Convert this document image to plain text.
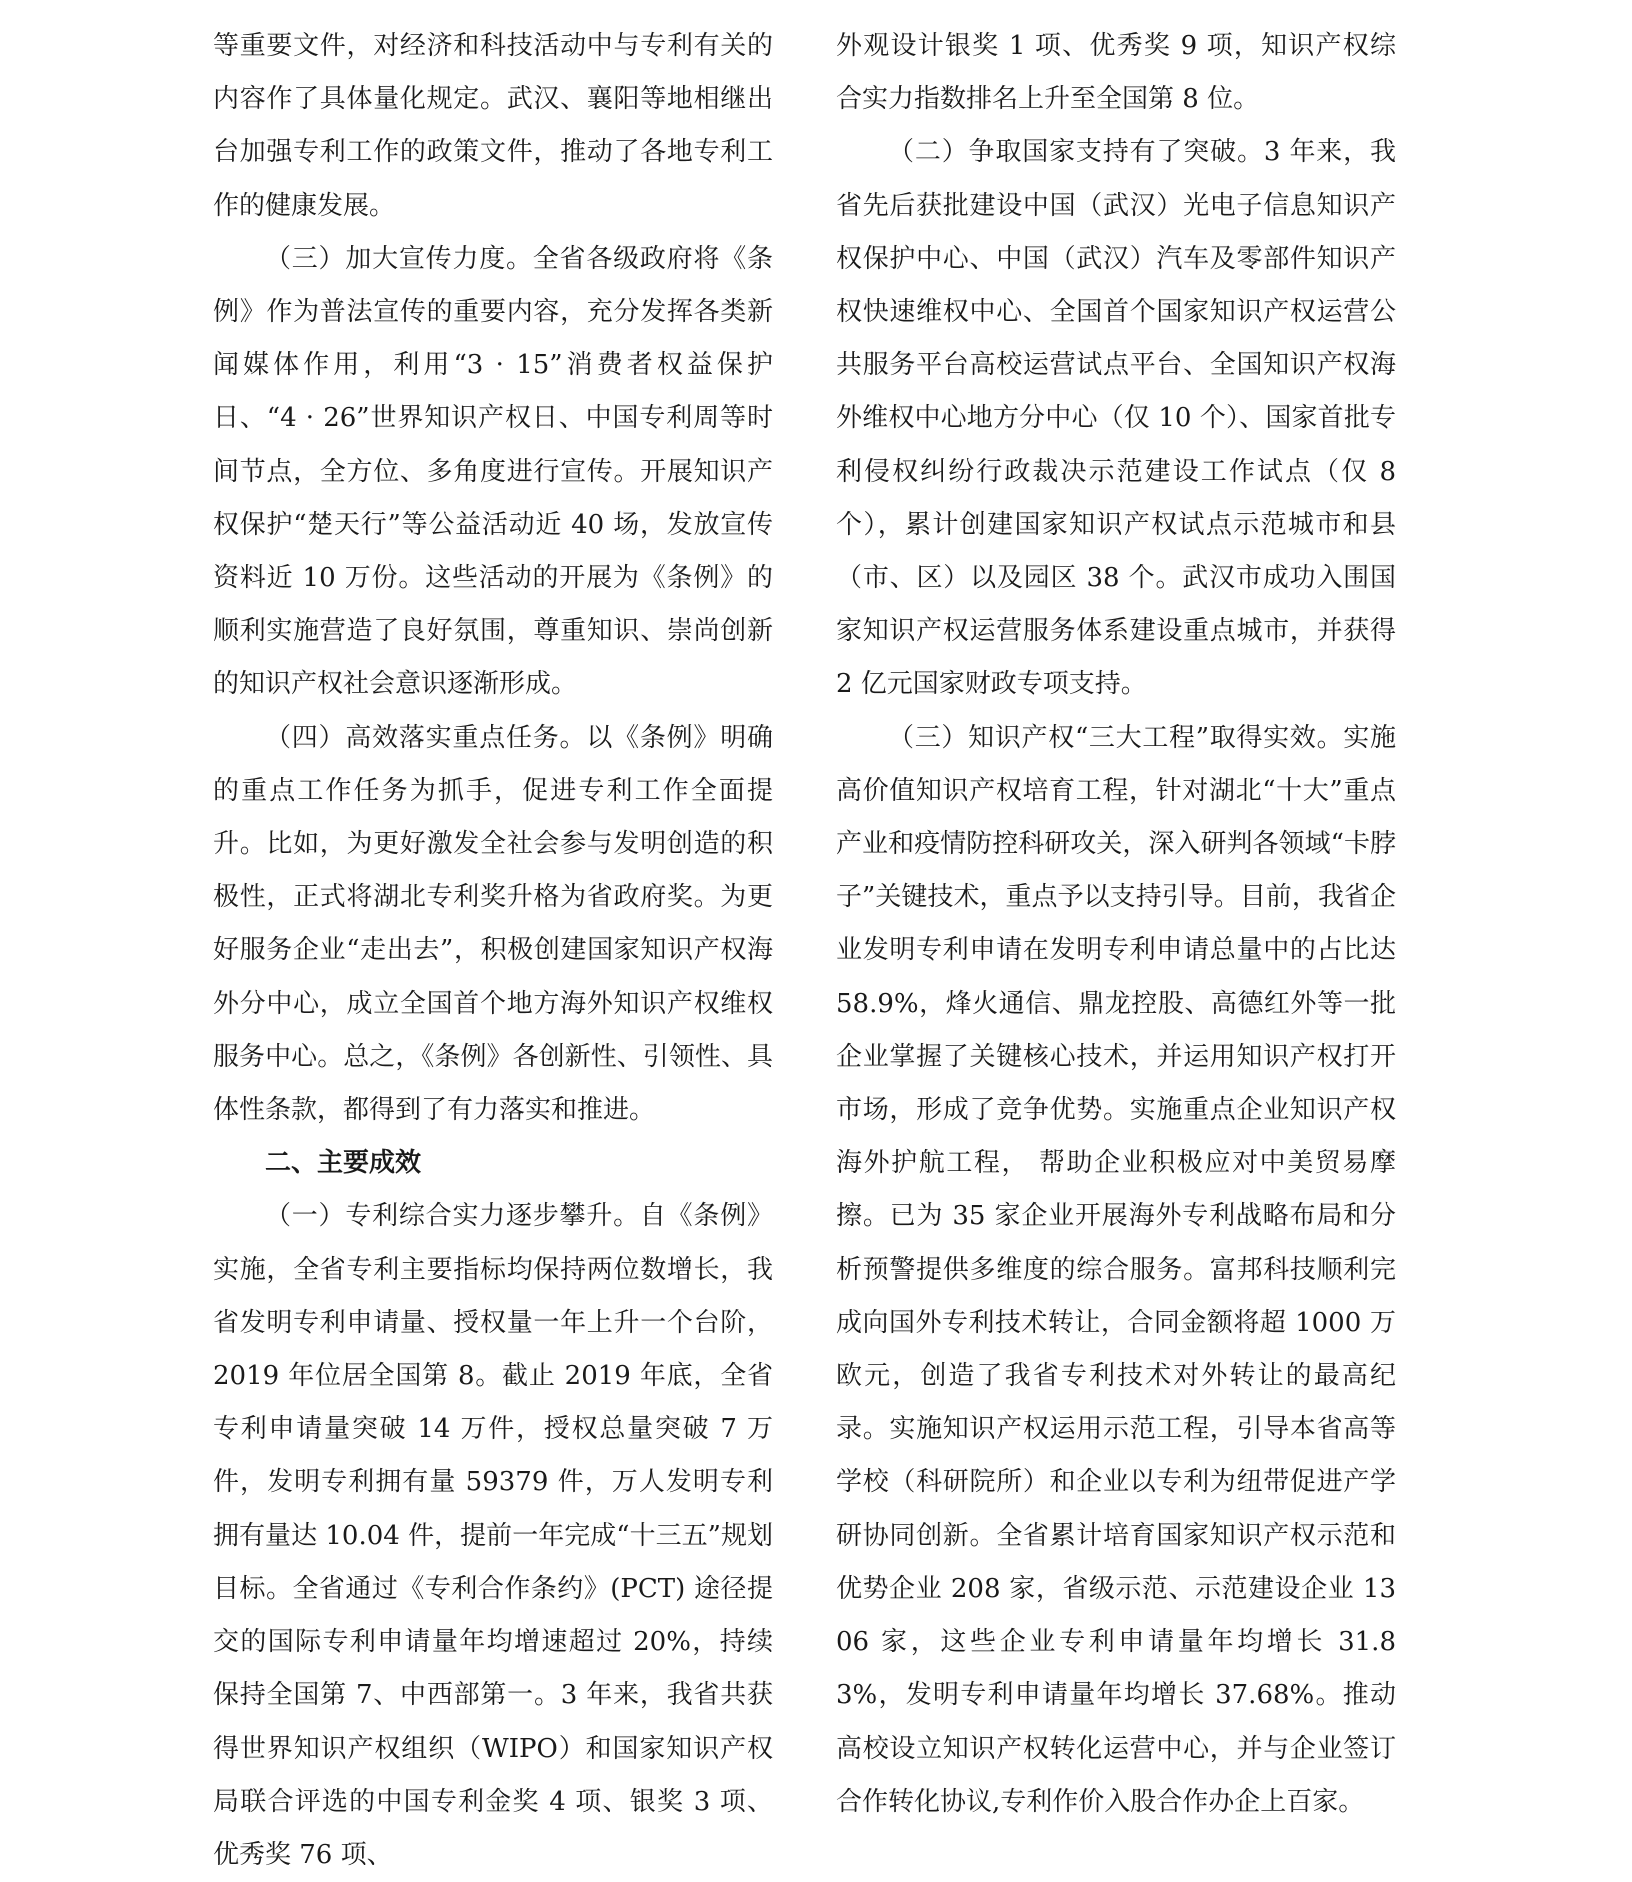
等重要文件，对经济和科技活动中与专利有关的内容作了具体量化规定。武汉、襄阳等地相继出台加强专利工作的政策文件，推动了各地专利工作的健康发展。

（三）加大宣传力度。全省各级政府将《条例》作为普法宣传的重要内容，充分发挥各类新闻媒体作用，利用“3 · 15”消费者权益保护日、“4 · 26”世界知识产权日、中国专利周等时间节点，全方位、多角度进行宣传。开展知识产权保护“楚天行”等公益活动近 40 场，发放宣传资料近 10 万份。这些活动的开展为《条例》的顺利实施营造了良好氛围，尊重知识、崇尚创新的知识产权社会意识逐渐形成。

（四）高效落实重点任务。以《条例》明确的重点工作任务为抓手，促进专利工作全面提升。比如，为更好激发全社会参与发明创造的积极性，正式将湖北专利奖升格为省政府奖。为更好服务企业“走出去”，积极创建国家知识产权海外分中心，成立全国首个地方海外知识产权维权服务中心。总之，《条例》各创新性、引领性、具体性条款，都得到了有力落实和推进。

二、主要成效

（一）专利综合实力逐步攀升。自《条例》实施，全省专利主要指标均保持两位数增长，我省发明专利申请量、授权量一年上升一个台阶，2019 年位居全国第 8。截止 2019 年底，全省专利申请量突破 14 万件，授权总量突破 7 万件，发明专利拥有量 59379 件，万人发明专利拥有量达 10.04 件，提前一年完成“十三五”规划目标。全省通过《专利合作条约》(PCT) 途径提交的国际专利申请量年均增速超过 20%，持续保持全国第 7、中西部第一。3 年来，我省共获得世界知识产权组织（WIPO）和国家知识产权局联合评选的中国专利金奖 4 项、银奖 3 项、优秀奖 76 项、

外观设计银奖 1 项、优秀奖 9 项，知识产权综合实力指数排名上升至全国第 8 位。

（二）争取国家支持有了突破。3 年来，我省先后获批建设中国（武汉）光电子信息知识产权保护中心、中国（武汉）汽车及零部件知识产权快速维权中心、全国首个国家知识产权运营公共服务平台高校运营试点平台、全国知识产权海外维权中心地方分中心（仅 10 个）、国家首批专利侵权纠纷行政裁决示范建设工作试点（仅 8 个），累计创建国家知识产权试点示范城市和县（市、区）以及园区 38 个。武汉市成功入围国家知识产权运营服务体系建设重点城市，并获得 2 亿元国家财政专项支持。

（三）知识产权“三大工程”取得实效。实施高价值知识产权培育工程，针对湖北“十大”重点产业和疫情防控科研攻关，深入研判各领域“卡脖子”关键技术，重点予以支持引导。目前，我省企业发明专利申请在发明专利申请总量中的占比达 58.9%，烽火通信、鼎龙控股、高德红外等一批企业掌握了关键核心技术，并运用知识产权打开市场，形成了竞争优势。实施重点企业知识产权海外护航工程， 帮助企业积极应对中美贸易摩擦。已为 35 家企业开展海外专利战略布局和分析预警提供多维度的综合服务。富邦科技顺利完成向国外专利技术转让，合同金额将超 1000 万欧元，创造了我省专利技术对外转让的最高纪录。实施知识产权运用示范工程，引导本省高等学校（科研院所）和企业以专利为纽带促进产学研协同创新。全省累计培育国家知识产权示范和优势企业 208 家，省级示范、示范建设企业 1306 家，这些企业专利申请量年均增长 31.83%，发明专利申请量年均增长 37.68%。推动高校设立知识产权转化运营中心，并与企业签订合作转化协议,专利作价入股合作办企上百家。
